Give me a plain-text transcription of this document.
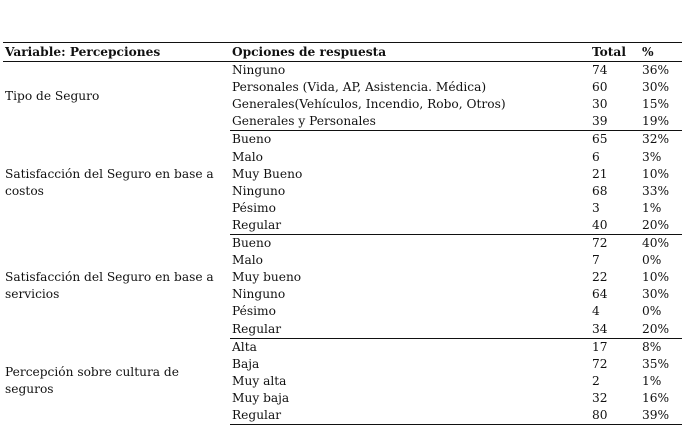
Variable: Percepciones	Opciones de respuesta	Total	%
Tipo de Seguro	Ninguno	74	36%
	Personales (Vida, AP, Asistencia. Médica)	60	30%
	Generales(Vehículos, Incendio, Robo, Otros)	30	15%
	Generales y Personales	39	19%
Satisfacción del Seguro en base a costos	Bueno	65	32%
	Malo	6	3%
	Muy Bueno	21	10%
	Ninguno	68	33%
	Pésimo	3	1%
	Regular	40	20%
Satisfacción del Seguro en base a servicios	Bueno	72	40%
	Malo	7	0%
	Muy bueno	22	10%
	Ninguno	64	30%
	Pésimo	4	0%
	Regular	34	20%
Percepción sobre cultura de seguros	Alta	17	8%
	Baja	72	35%
	Muy alta	2	1%
	Muy baja	32	16%
	Regular	80	39%
